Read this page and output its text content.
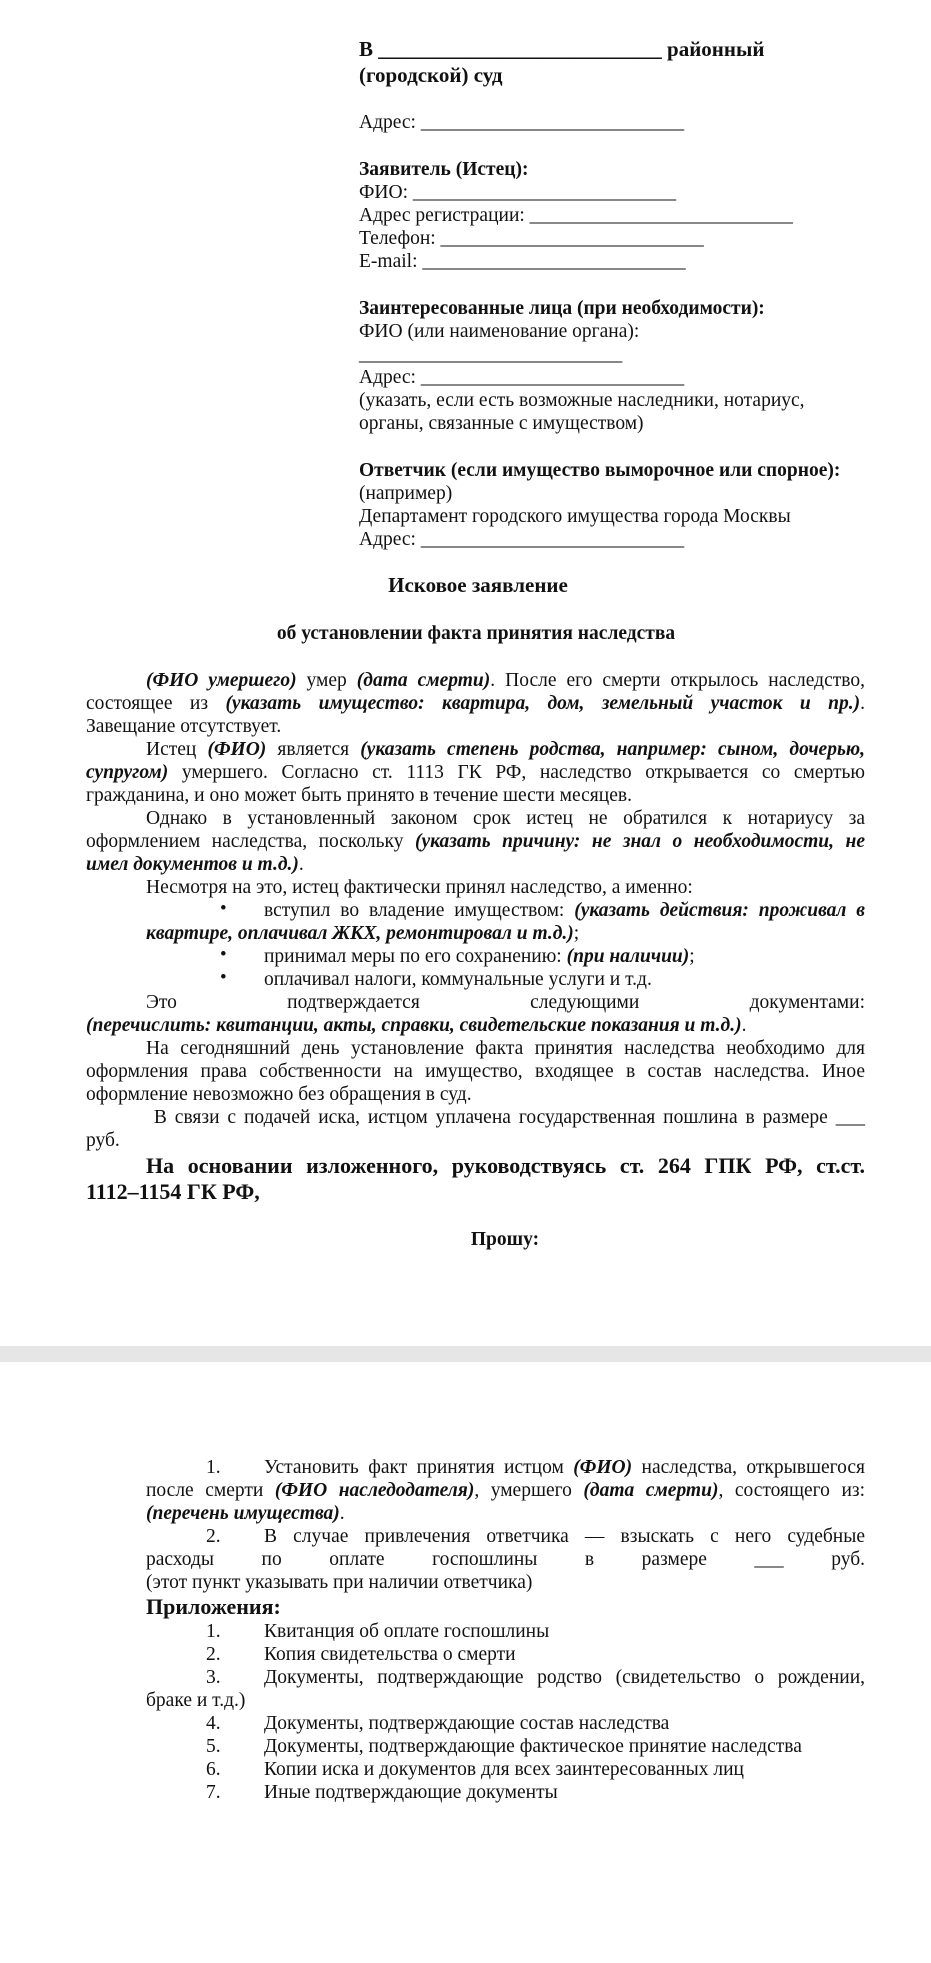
В ___________________________ районный
(городской) суд
Адрес: ___________________________
Заявитель (Истец):
ФИО: ___________________________
Адрес регистрации: ___________________________
Телефон: ___________________________
E-mail: ___________________________
Заинтересованные лица (при необходимости):
ФИО (или наименование органа):
___________________________
Адрес: ___________________________
(указать, если есть возможные наследники, нотариус,
органы, связанные с имуществом)
Ответчик (если имущество выморочное или спорное):
(например)
Департамент городского имущества города Москвы
Адрес: ___________________________
Исковое заявление
об установлении факта принятия наследства
(ФИО умершего) умер (дата смерти). После его смерти открылось наследство,
состоящее из (указать имущество: квартира, дом, земельный участок и пр.).
Завещание отсутствует.
Истец (ФИО) является (указать степень родства, например: сыном, дочерью,
супругом) умершего. Согласно ст. 1113 ГК РФ, наследство открывается со смертью
гражданина, и оно может быть принято в течение шести месяцев.
Однако в установленный законом срок истец не обратился к нотариусу за
оформлением наследства, поскольку (указать причину: не знал о необходимости, не
имел документов и т.д.).
Несмотря на это, истец фактически принял наследство, а именно:
• вступил во владение имуществом: (указать действия: проживал в
квартире, оплачивал ЖКХ, ремонтировал и т.д.);
• принимал меры по его сохранению: (при наличии);
• оплачивал налоги, коммунальные услуги и т.д.
Это подтверждается следующими документами:
(перечислить: квитанции, акты, справки, свидетельские показания и т.д.).
На сегодняшний день установление факта принятия наследства необходимо для
оформления права собственности на имущество, входящее в состав наследства. Иное
оформление невозможно без обращения в суд.
В связи с подачей иска, истцом уплачена государственная пошлина в размере ___
руб.
На основании изложенного, руководствуясь ст. 264 ГПК РФ, ст.ст.
1112–1154 ГК РФ,
Прошу:
1. Установить факт принятия истцом (ФИО) наследства, открывшегося
после смерти (ФИО наследодателя), умершего (дата смерти), состоящего из:
(перечень имущества).
2. В случае привлечения ответчика — взыскать с него судебные
расходы по оплате госпошлины в размере ___ руб.
(этот пункт указывать при наличии ответчика)
Приложения:
1. Квитанция об оплате госпошлины
2. Копия свидетельства о смерти
3. Документы, подтверждающие родство (свидетельство о рождении,
браке и т.д.)
4. Документы, подтверждающие состав наследства
5. Документы, подтверждающие фактическое принятие наследства
6. Копии иска и документов для всех заинтересованных лиц
7. Иные подтверждающие документы
